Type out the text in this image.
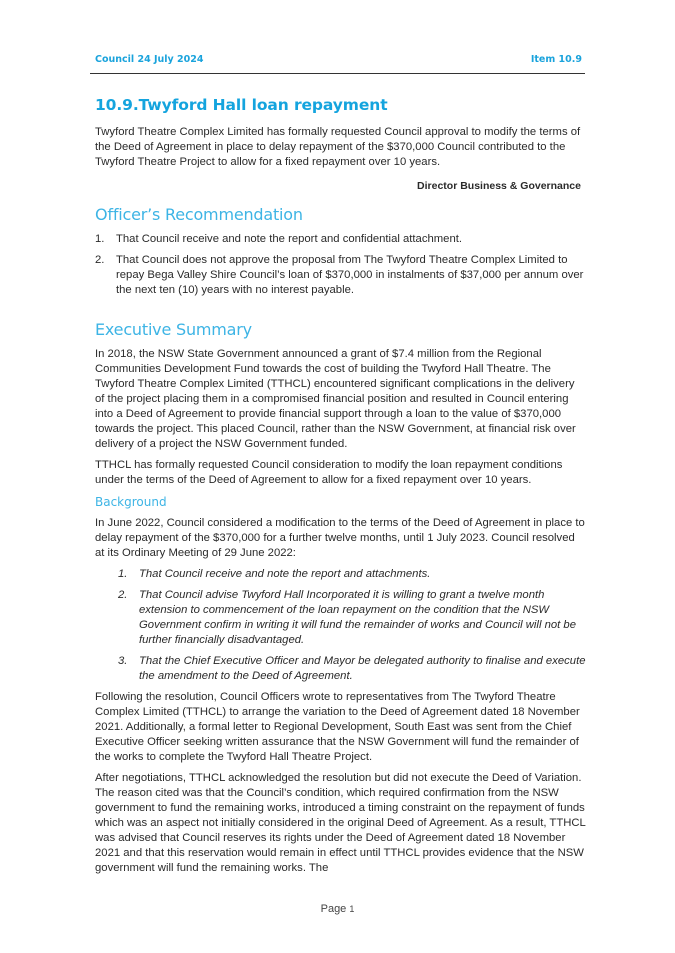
Council 24 July 2024	Item 10.9
10.9.Twyford Hall loan repayment

Twyford Theatre Complex Limited has formally requested Council approval to modify the terms of the Deed of Agreement in place to delay repayment of the $370,000 Council contributed to the Twyford Theatre Project to allow for a fixed repayment over 10 years.

Director Business & Governance
Officer’s Recommendation
1. That Council receive and note the report and confidential attachment.
2. That Council does not approve the proposal from The Twyford Theatre Complex Limited to repay Bega Valley Shire Council’s loan of $370,000 in instalments of $37,000 per annum over the next ten (10) years with no interest payable.
Executive Summary

In 2018, the NSW State Government announced a grant of $7.4 million from the Regional Communities Development Fund towards the cost of building the Twyford Hall Theatre. The Twyford Theatre Complex Limited (TTHCL) encountered significant complications in the delivery of the project placing them in a compromised financial position and resulted in Council entering into a Deed of Agreement to provide financial support through a loan to the value of $370,000 towards the project. This placed Council, rather than the NSW Government, at financial risk over delivery of a project the NSW Government funded.

TTHCL has formally requested Council consideration to modify the loan repayment conditions under the terms of the Deed of Agreement to allow for a fixed repayment over 10 years.

Background

In June 2022, Council considered a modification to the terms of the Deed of Agreement in place to delay repayment of the $370,000 for a further twelve months, until 1 July 2023. Council resolved at its Ordinary Meeting of 29 June 2022:

1. That Council receive and note the report and attachments.
2. That Council advise Twyford Hall Incorporated it is willing to grant a twelve month extension to commencement of the loan repayment on the condition that the NSW Government confirm in writing it will fund the remainder of works and Council will not be further financially disadvantaged.
3. That the Chief Executive Officer and Mayor be delegated authority to finalise and execute the amendment to the Deed of Agreement.

Following the resolution, Council Officers wrote to representatives from The Twyford Theatre Complex Limited (TTHCL) to arrange the variation to the Deed of Agreement dated 18 November 2021. Additionally, a formal letter to Regional Development, South East was sent from the Chief Executive Officer seeking written assurance that the NSW Government will fund the remainder of the works to complete the Twyford Hall Theatre Project.

After negotiations, TTHCL acknowledged the resolution but did not execute the Deed of Variation. The reason cited was that the Council’s condition, which required confirmation from the NSW government to fund the remaining works, introduced a timing constraint on the repayment of funds which was an aspect not initially considered in the original Deed of Agreement. As a result, TTHCL was advised that Council reserves its rights under the Deed of Agreement dated 18 November 2021 and that this reservation would remain in effect until TTHCL provides evidence that the NSW government will fund the remaining works. The

Page 1
